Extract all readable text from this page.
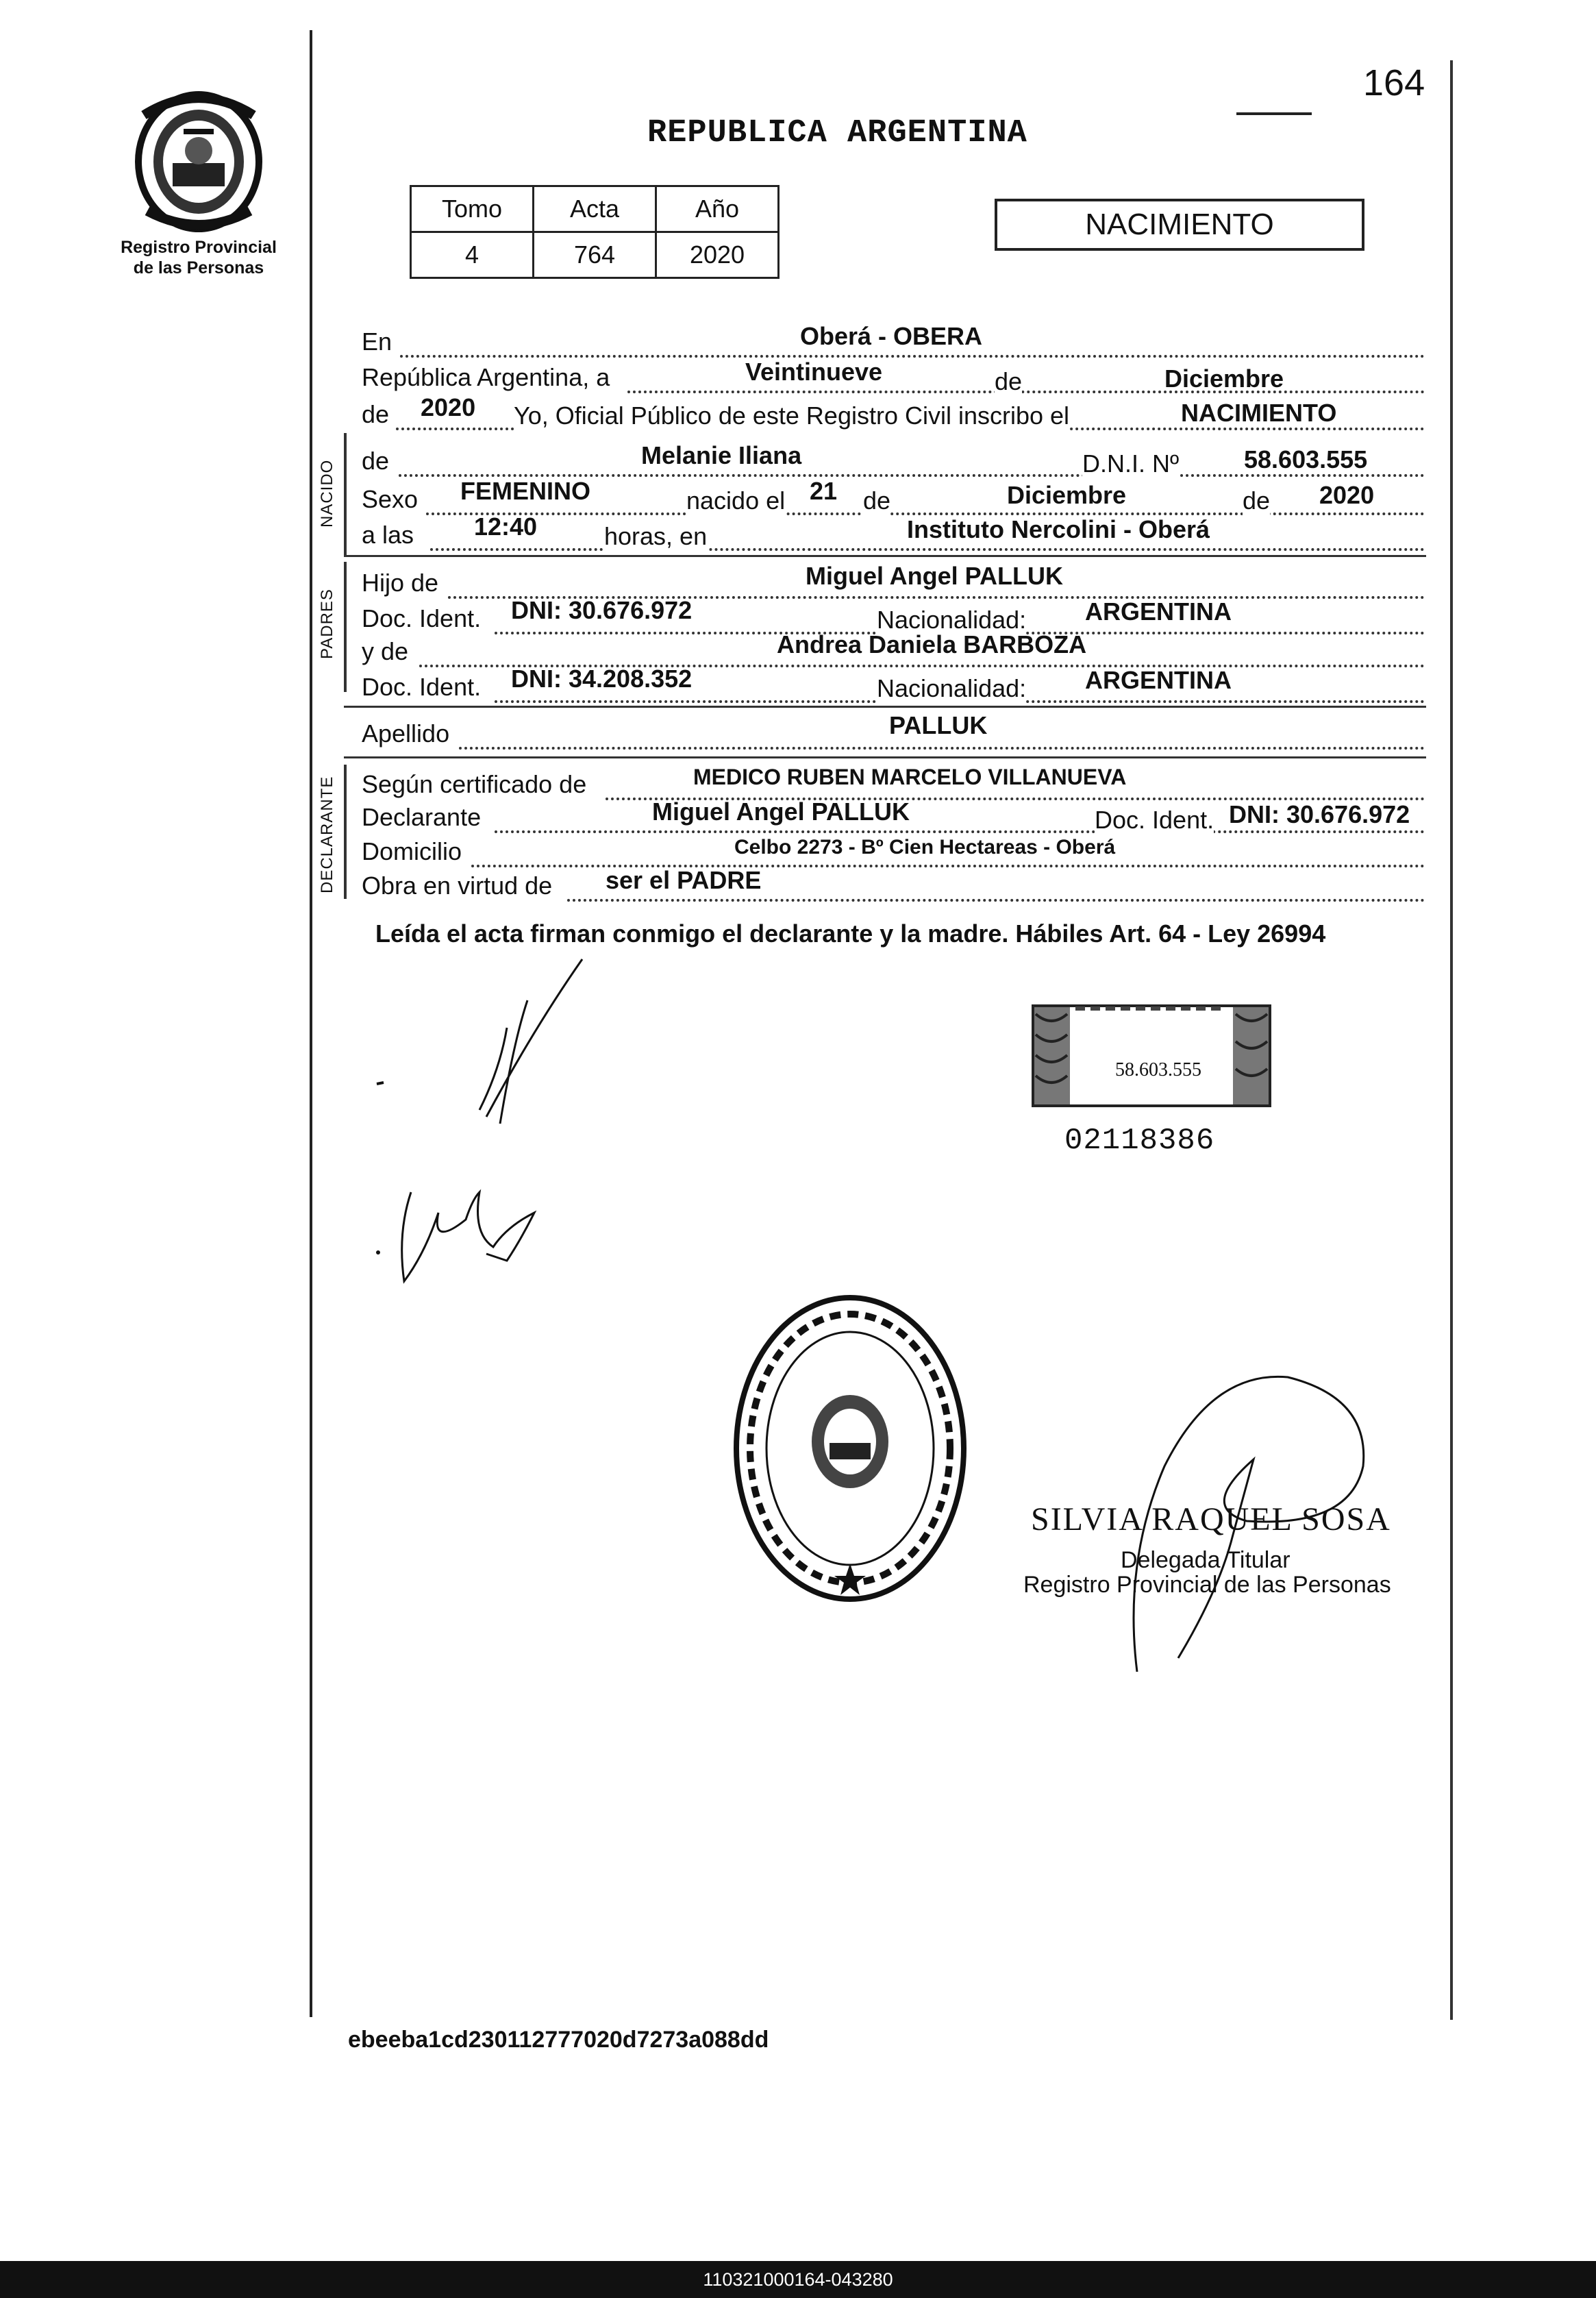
164
Registro Provincial
de las Personas
REPUBLICA ARGENTINA
Tomo	Acta	Año
4	764	2020
NACIMIENTO
En	Oberá - OBERA
República Argentina, a	Veintinueve	de	Diciembre
de 2020 Yo, Oficial Público de este Registro Civil inscribo el	NACIMIENTO
NACIDO de	Melanie Iliana	D.N.I. Nº	58.603.555
Sexo FEMENINO	nacido el 21 de	Diciembre	de 2020
a las 12:40	horas, en	Instituto Nercolini - Oberá
PADRES
Hijo de	Miguel Angel PALLUK
Doc. Ident. DNI: 30.676.972	Nacionalidad: ARGENTINA
y de	Andrea Daniela BARBOZA
Doc. Ident. DNI: 34.208.352	Nacionalidad: ARGENTINA
Apellido	PALLUK
DECLARANTE Según certificado de	MEDICO RUBEN MARCELO VILLANUEVA
Declarante	Miguel Angel PALLUK	Doc. Ident. DNI: 30.676.972
Domicilio	Celbo 2273 - Bº Cien Hectareas - Oberá
Obra en virtud de ser el PADRE
Leída el acta firman conmigo el declarante y la madre. Hábiles Art. 64 - Ley 26994
58.603.555
02118386
SILVIA RAQUEL SOSA
Delegada Titular
Registro Provincial de las Personas
ebeeba1cd230112777020d7273a088dd
110321000164-043280
